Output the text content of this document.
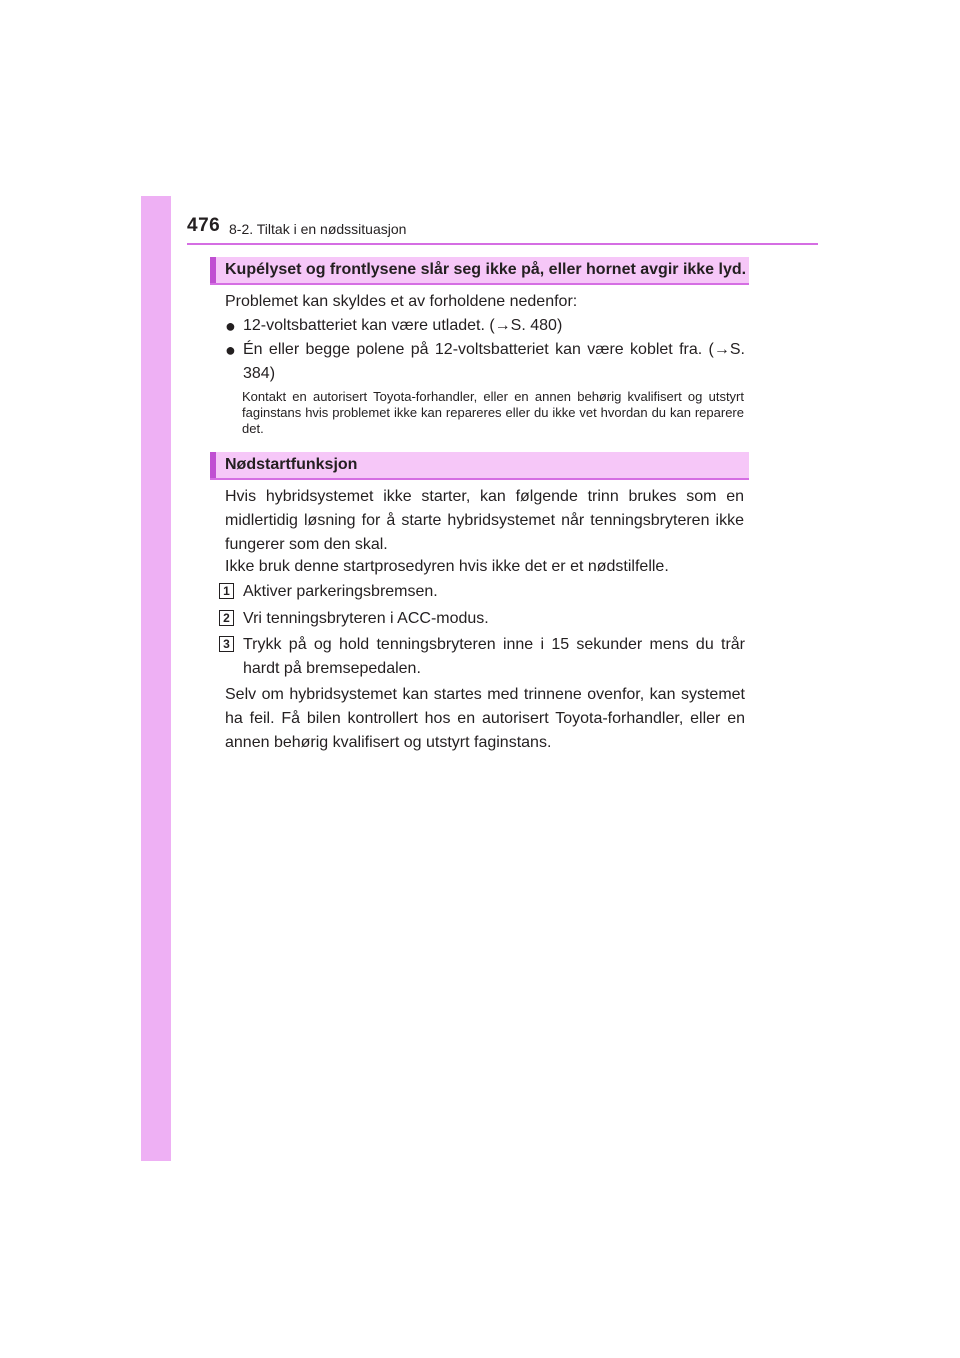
476 8-2. Tiltak i en nødssituasjon
Kupélyset og frontlysene slår seg ikke på, eller hornet avgir ikke lyd.
Problemet kan skyldes et av forholdene nedenfor:
● 12-voltsbatteriet kan være utladet. (→S. 480)
● Én eller begge polene på 12-voltsbatteriet kan være koblet fra. (→S. 384)
Kontakt en autorisert Toyota-forhandler, eller en annen behørig kvalifisert og utstyrt faginstans hvis problemet ikke kan repareres eller du ikke vet hvordan du kan reparere det.
Nødstartfunksjon
Hvis hybridsystemet ikke starter, kan følgende trinn brukes som en midlertidig løsning for å starte hybridsystemet når tenningsbryteren ikke fungerer som den skal.
Ikke bruk denne startprosedyren hvis ikke det er et nødstilfelle.
1 Aktiver parkeringsbremsen.
2 Vri tenningsbryteren i ACC-modus.
3 Trykk på og hold tenningsbryteren inne i 15 sekunder mens du trår hardt på bremsepedalen.
Selv om hybridsystemet kan startes med trinnene ovenfor, kan systemet ha feil. Få bilen kontrollert hos en autorisert Toyota-forhandler, eller en annen behørig kvalifisert og utstyrt faginstans.
